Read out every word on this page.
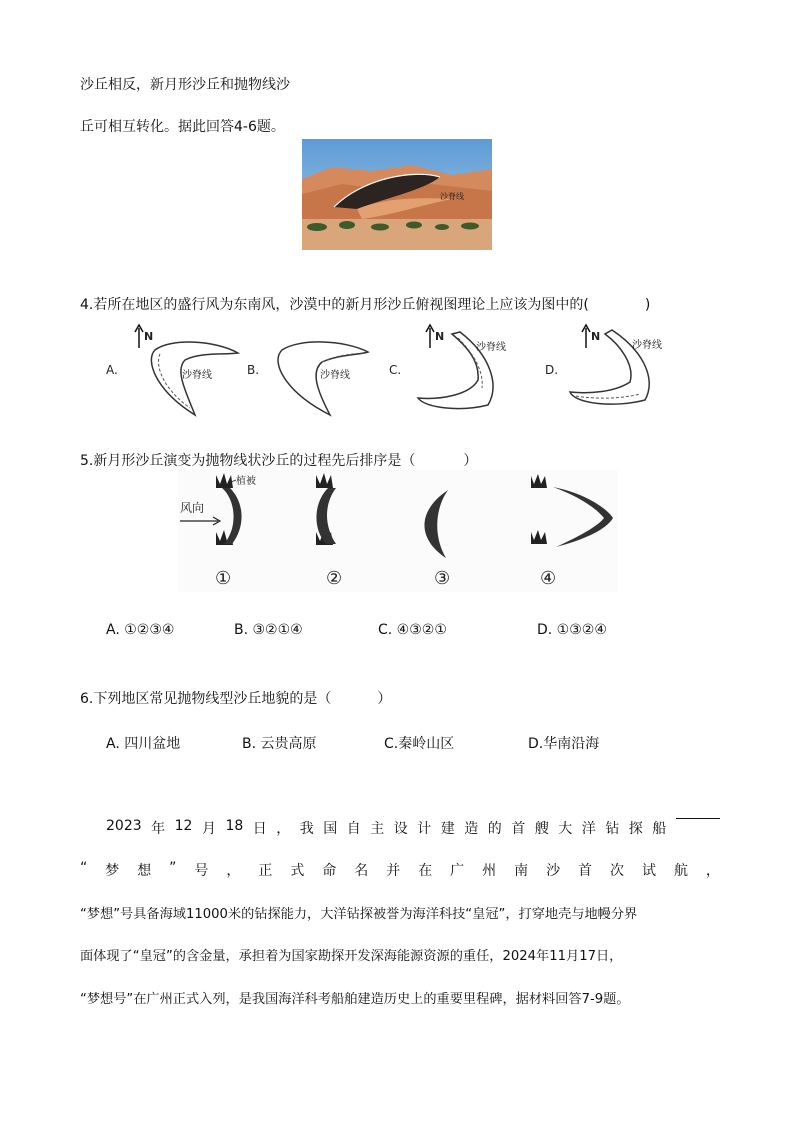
沙丘相反，新月形沙丘和抛物线沙
丘可相互转化。据此回答4-6题。
沙脊线
4.若所在地区的盛行风为东南风，沙漠中的新月形沙丘俯视图理论上应该为图中的(	)
A.
N
沙脊线	B.	沙脊线	C.
N
沙脊线
D.
N
沙脊线
5.新月形沙丘演变为抛物线状沙丘的过程先后排序是（	）
植被
风向
①	②	③	④
A. ①②③④	B. ③②①④	C. ④③②①	D. ①③②④
6.下列地区常见抛物线型沙丘地貌的是（	）
A. 四川盆地	B. 云贵高原	C.秦岭山区	D.华南沿海
2023 年 12 月 18 日 ， 我 国 自 主 设 计 建 造 的 首 艘 大 洋 钻 探 船
“ 梦 想 ” 号 ， 正 式 命 名 并 在 广 州 南 沙 首 次 试 航 ，
“梦想”号具备海域11000米的钻探能力，大洋钻探被誉为海洋科技“皇冠”，打穿地壳与地幔分界
面体现了“皇冠”的含金量，承担着为国家勘探开发深海能源资源的重任，2024年11月17日，
“梦想号”在广州正式入列，是我国海洋科考船舶建造历史上的重要里程碑，据材料回答7-9题。
